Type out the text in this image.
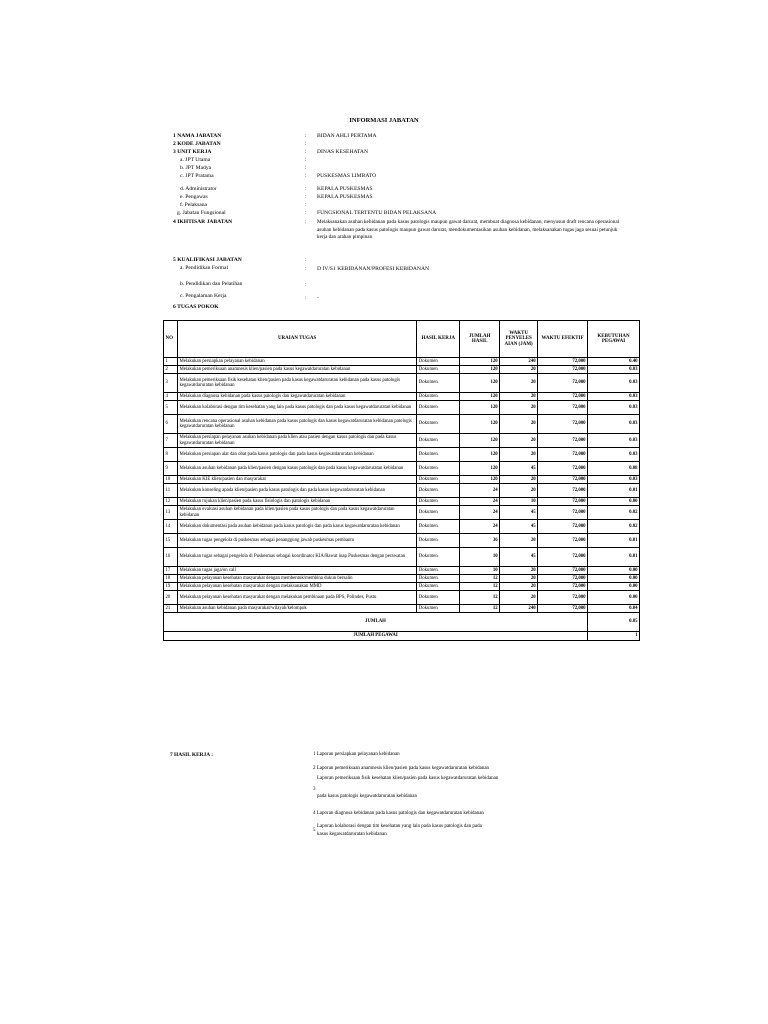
INFORMASI JABATAN
1 NAMA JABATAN	: BIDAN AHLI PERTAMA
2 KODE JABATAN	:
3 UNIT KERJA	: DINAS KESEHATAN
a. JPT Utama	:
b. JPT Madya	:
c. JPT Pratama	: PUSKESMAS LIMBATO
d. Administrator	: KEPALA PUSKESMAS
e. Pengawas	: KEPALA PUSKESMAS
f. Pelaksana	:
g. Jabatan Fungsional	: FUNGSIONAL TERTENTU BIDAN PELAKSANA
4 IKHTISAR JABATAN	: Melaksanakan asuhan kebidanan pada kasus patologis maupun gawat darurat, membuat diagnosa kebidanan, menyusun draft rencana operasional asuhan kebidanan pada kasus patologis maupun gawat darurat, mendokumentasikan asuhan kebidanan, melaksanakan tugas jaga sesuai petunjuk kerja dan arahan pimpinan
5 KUALIFIKASI JABATAN	:
a. Pendidikan Formal	: D IV/S1 KEBIDANAN/PROFESI KEBIDANAN
b. Pendidikan dan Pelatihan	:
c. Pengalaman Kerja	: -
6 TUGAS POKOK
NO	URAIAN TUGAS	HASIL KERJA	JUMLAH HASIL	WAKTU PENYELES AIAN (JAM)	WAKTU EFEKTIF	KEBUTUHAN PEGAWAI
1	Melakukan persiapkan pelayanan kebidanan	Dokumen	120	240	72,000	0.40
2	Melakukan pemeriksaan anamnesis klien/pasien pada kasus kegawatdaruratan kebidanan	Dokumen	120	20	72,000	0.03
3	Melakukan pemeriksaan fisik kesehatan klien/pasien pada kasus kegawatdaruratan kebidanan pada kasus patologis kegawatdaruratan kebidanan	Dokumen	120	20	72,000	0.03
4	Melakukan diagnosa kebidanan pada kasus patologis dan kegawatdaruratan kebidanan	Dokumen	120	20	72,000	0.03
5	Melakukan kolaborasi dengan tim kesehatan yang lain pada kasus patologis dan pada kasus kegawatdaruratan kebidanan	Dokumen	120	20	72,000	0.03
6	Melakukan rencana operasional asuhan kebidanan pada kasus patologis dan kasus kegawatdaruratan kebidanan patologis kegawatdaruratan kebidanan	Dokumen	120	20	72,000	0.03
7	Melakukan persiapan pelayanan asuhan kebidanan pada klien atau pasien dengan kasus patologis dan pada kasus kegawatdaruratan kebidanan	Dokumen	120	20	72,000	0.03
8	Melakukan persiapan alat dan obat pada kasus patologis dan pada kasus kegawatdaruratan kebidanan	Dokumen	120	20	72,000	0.03
9	Melakukan asuhan kebidanan pada klien/pasien dengan kasus patologis dan pada kasus kegawatdaruratan kebidanan	Dokumen	120	45	72,000	0.08
10	Melakukan KIE klien/pasien dan masyarakat	Dokumen	120	20	72,000	0.03
11	Melakukan konseling apada klien/pasien pada kasus patologis dan pada kasus kegawatdaruratan kebidanan	Dokumen	24	20	72,000	0.01
12	Melakukan rujukan klien/pasien pada kasus fisiologis dan patologis kebidanan	Dokumen	24	10	72,000	0.00
13	Melakukan evaluasi asuhan kebidanan pada klien/pasien pada kasus patologis dan pada kasus kegawatdaruratan kebidanan	Dokumen	24	45	72,000	0.02
14	Melakukan dokumentasi pada asuhan kebidanan pada kasus patologis dan pada kasus kegawatdaruratan kebidanan	Dokumen	24	45	72,000	0.02
15	Melakukan tugas pengelola di puskesmas sebagai penanggung jawab puskesmas pembantu	Dokumen	36	20	72,000	0.01
16	Melakukan tugas sebagai pengelola di Puskesmas sebagai koordinator KIA/Rawat inap Puskesmas dengan perawatan	Dokumen	10	45	72,000	0.01
17	Melakukan tugas jaga/on call	Dokumen	10	20	72,000	0.00
18	Melakukan pelayanan kesehatan masyarakat dengan membentuk/membina dukun bersalin	Dokumen	12	20	72,000	0.00
19	Melakukan pelayanan kesehatan masyarakat dengan melaksanakan MMD	Dokumen	12	20	72,000	0.00
20	Melakukan pelayanan kesehatan masyarakat dengan melakukan pembinaan pada BPS, Polindes, Pustu	Dokumen	12	20	72,000	0.00
21	Melakukan asuhan kebidanan pada masyarakat/wilayah/kelompok	Dokumen	12	240	72,000	0.04
JUMLAH						0.85
JUMLAH PEGAWAI						1
7 HASIL KERJA :	1 Laporan persiapkan pelayanan kebidanan
2 Laporan pemeriksaan anamnesis klien/pasien pada kasus kegawatdaruratan kebidanan
Laporan pemeriksaan fisik kesehatan klien/pasien pada kasus kegawatdaruratan kebidanan
3
pada kasus patologis kegawatdaruratan kebidanan
4 Laporan diagnosa kebidanan pada kasus patologis dan kegawatdaruratan kebidanan
Laporan kolaborasi dengan tim kesehatan yang lain pada kasus patologis dan pada
5
kasus kegawatdaruratan kebidanan
